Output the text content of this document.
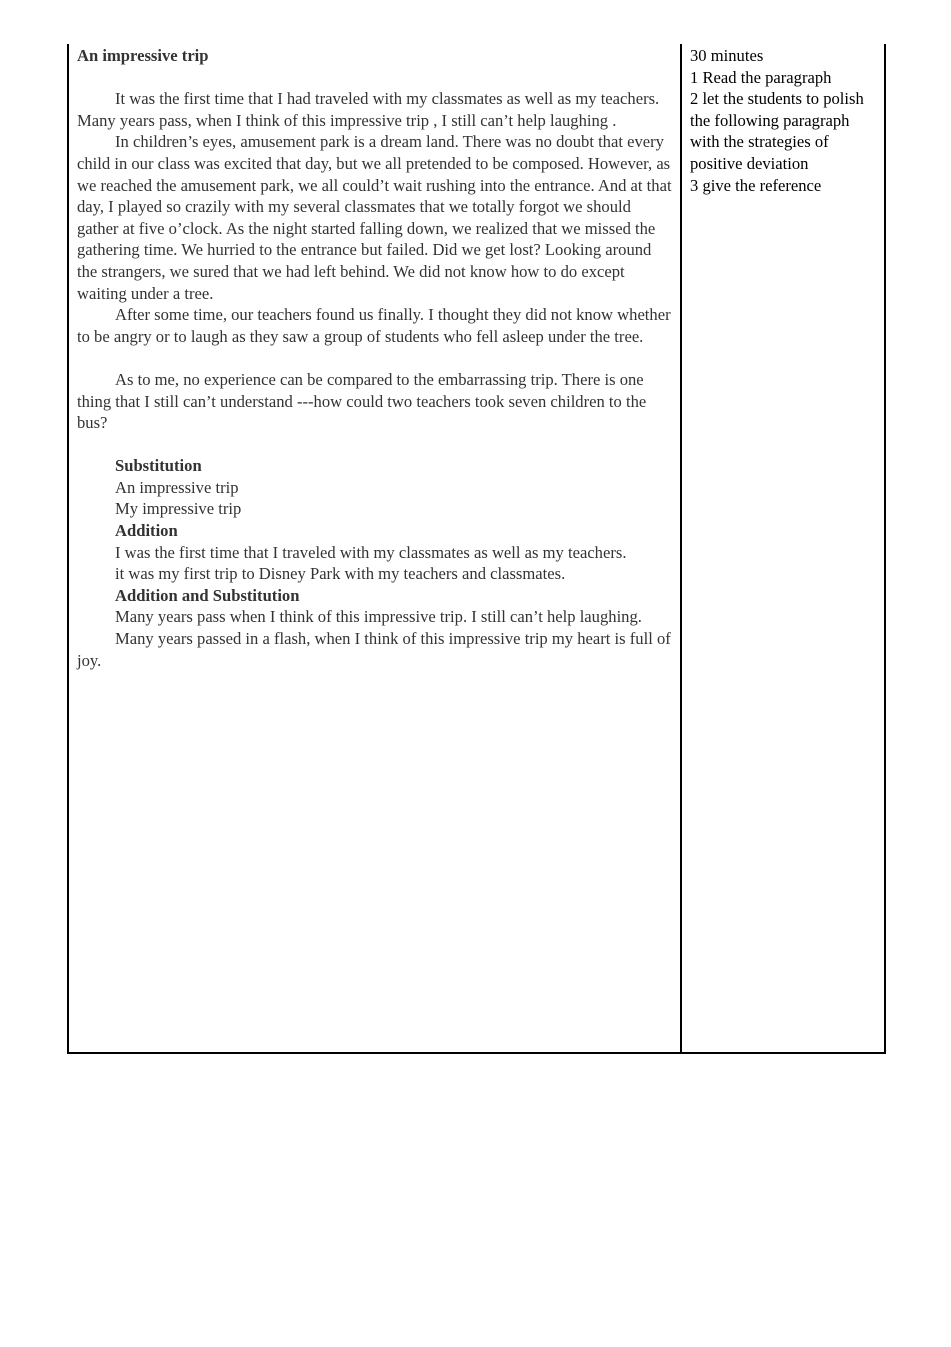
An impressive trip

It was the first time that I had traveled with my classmates as well as my teachers. Many years pass, when I think of this impressive trip , I still can’t help laughing .

In children’s eyes, amusement park is a dream land. There was no doubt that every child in our class was excited that day, but we all pretended to be composed. However, as we reached the amusement park, we all could’t wait rushing into the entrance. And at that day, I played so crazily with my several classmates that we totally forgot we should gather at five o’clock. As the night started falling down, we realized that we missed the gathering time. We hurried to the entrance but failed. Did we get lost? Looking around the strangers, we sured that we had left behind. We did not know how to do except waiting under a tree.

After some time, our teachers found us finally. I thought they did not know whether to be angry or to laugh as they saw a group of students who fell asleep under the tree.

As to me, no experience can be compared to the embarrassing trip. There is one thing that I still can’t understand ---how could two teachers took seven children to the bus?

Substitution

An impressive trip

My impressive trip

Addition

I was the first time that I traveled with my classmates as well as my teachers.

it was my first trip to Disney Park with my teachers and classmates.

Addition and Substitution

Many years pass when I think of this impressive trip. I still can’t help laughing.

Many years passed in a flash, when I think of this impressive trip my heart is full of joy.

30 minutes

1 Read the paragraph

2 let the students to polish the following paragraph with the strategies of positive deviation

3 give the reference
